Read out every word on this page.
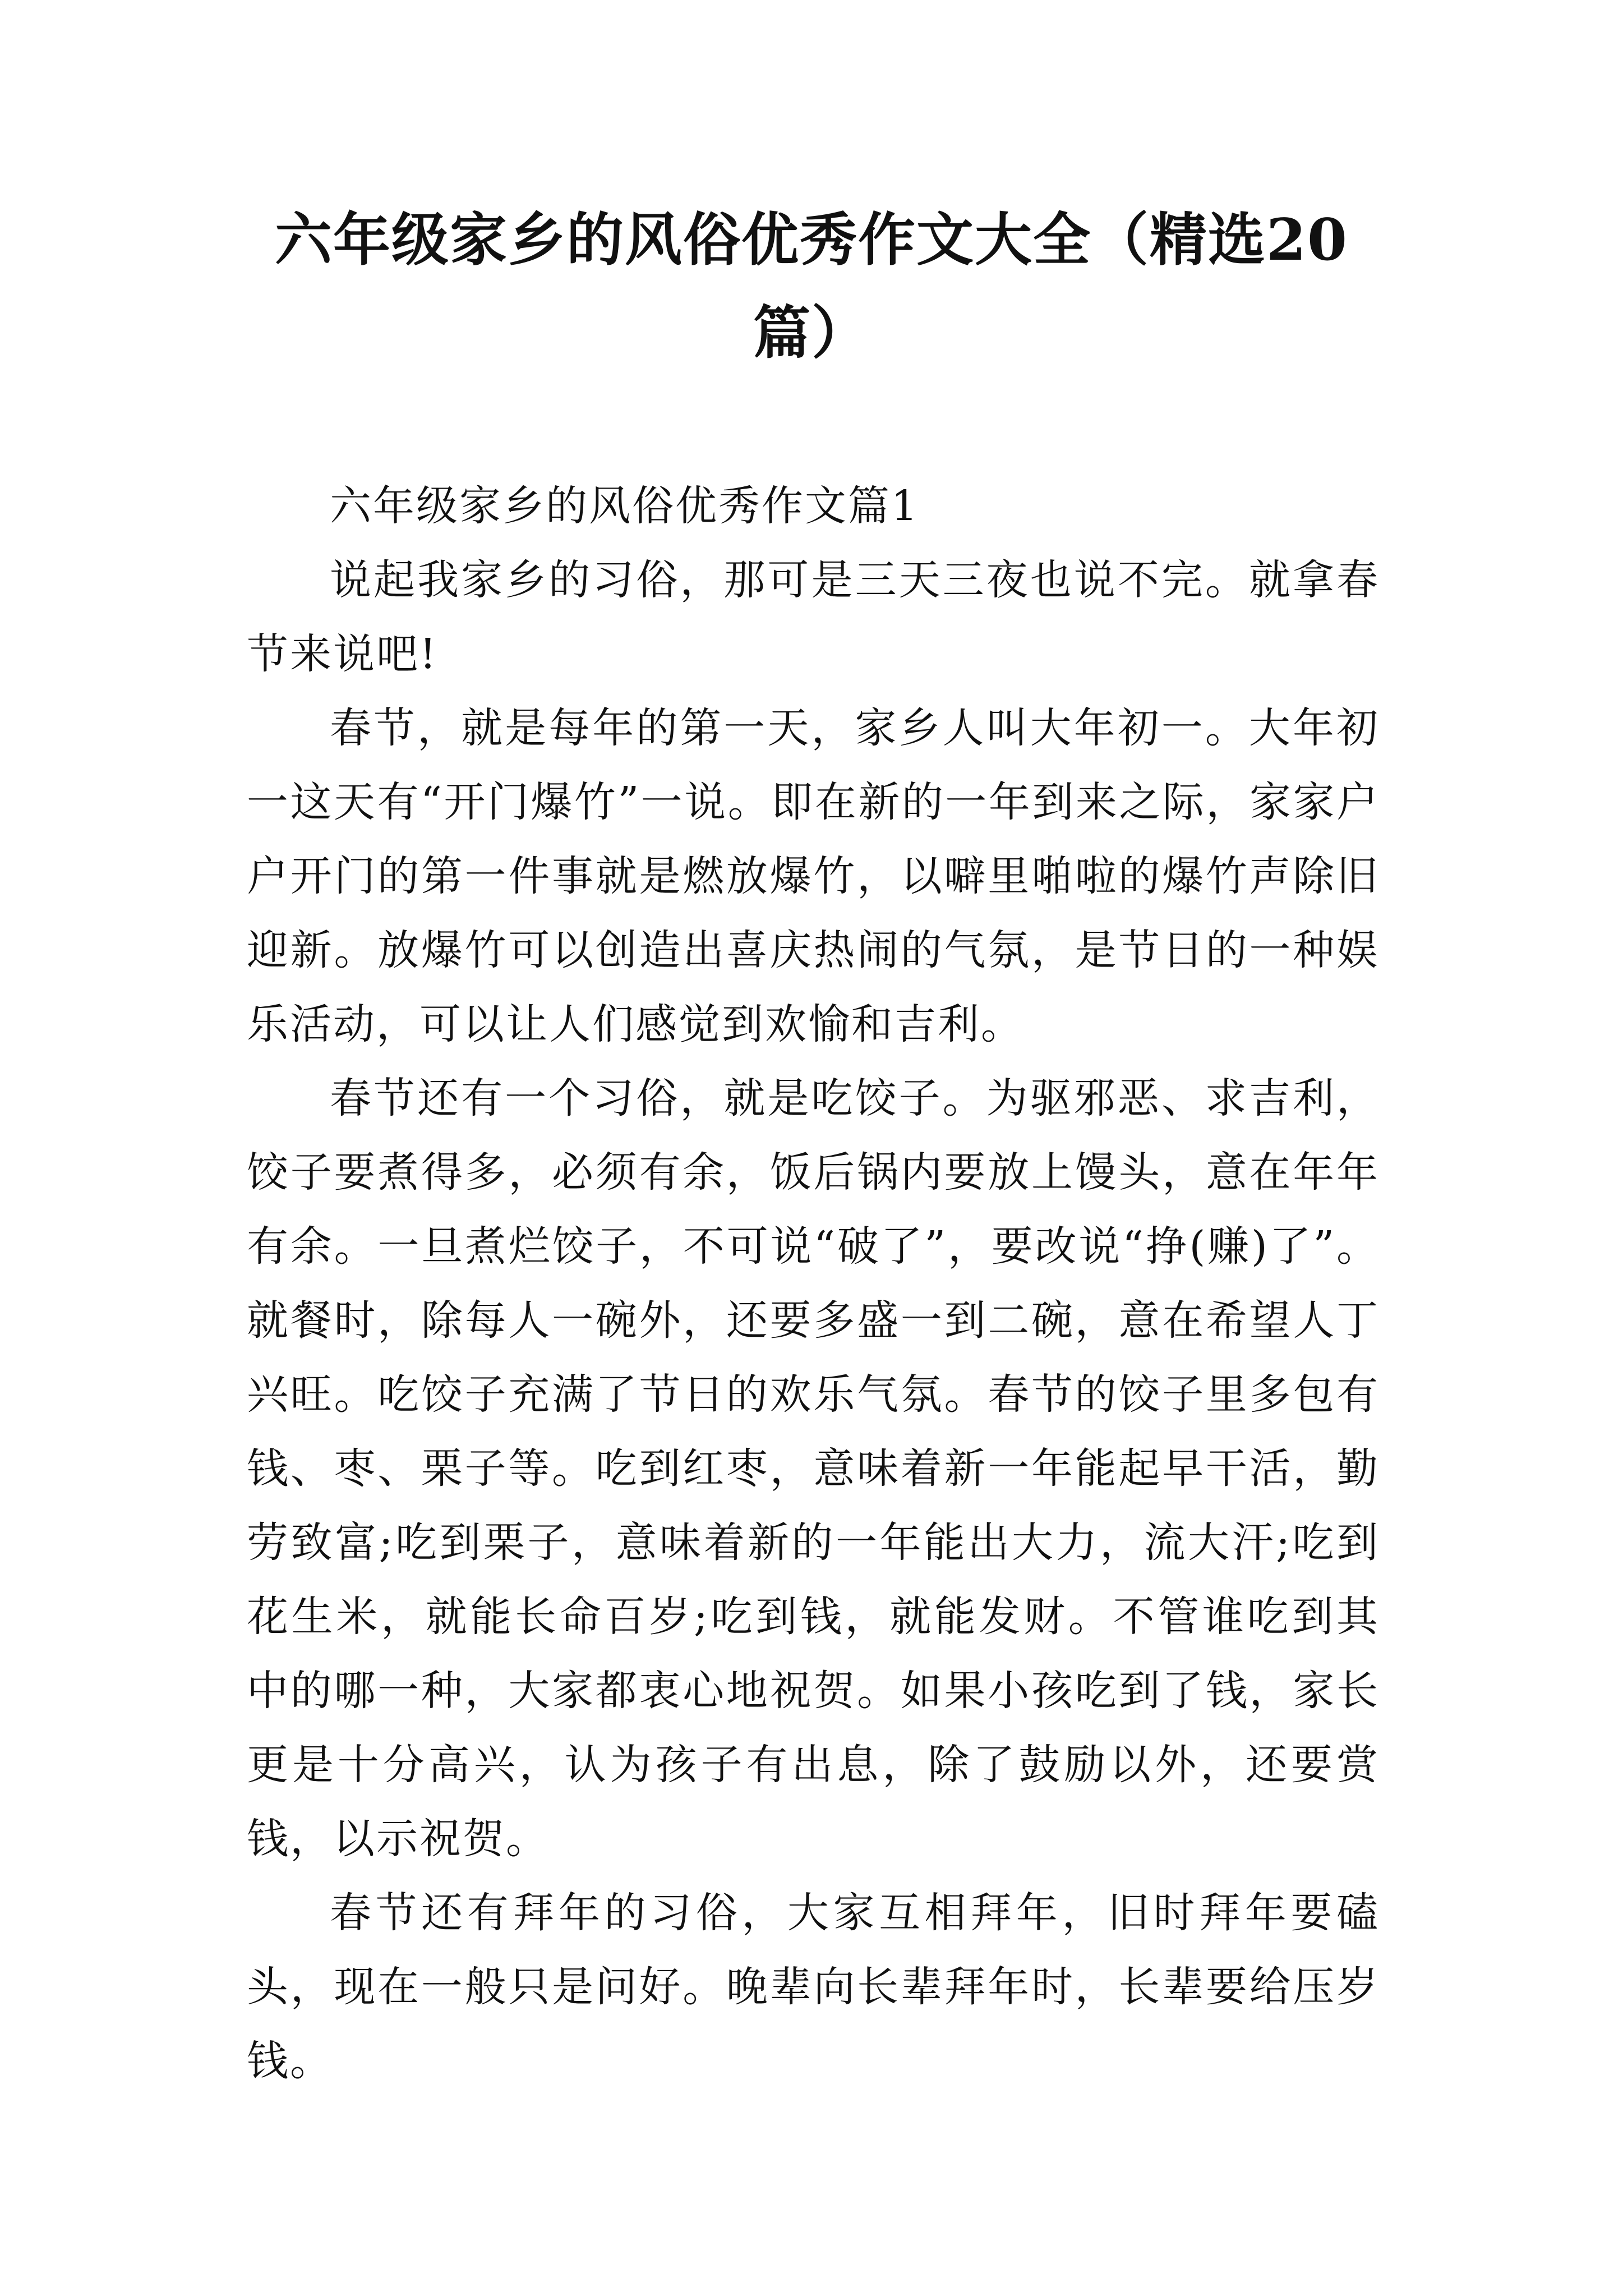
六年级家乡的风俗优秀作文大全（精选20篇）

六年级家乡的风俗优秀作文篇1

说起我家乡的习俗，那可是三天三夜也说不完。就拿春节来说吧!

春节，就是每年的第一天，家乡人叫大年初一。大年初一这天有“开门爆竹”一说。即在新的一年到来之际，家家户户开门的第一件事就是燃放爆竹，以噼里啪啦的爆竹声除旧迎新。放爆竹可以创造出喜庆热闹的气氛，是节日的一种娱乐活动，可以让人们感觉到欢愉和吉利。

春节还有一个习俗，就是吃饺子。为驱邪恶、求吉利，饺子要煮得多，必须有余，饭后锅内要放上馒头，意在年年有余。一旦煮烂饺子，不可说“破了”，要改说“挣(赚)了”。就餐时，除每人一碗外，还要多盛一到二碗，意在希望人丁兴旺。吃饺子充满了节日的欢乐气氛。春节的饺子里多包有钱、枣、栗子等。吃到红枣，意味着新一年能起早干活，勤劳致富;吃到栗子，意味着新的一年能出大力，流大汗;吃到花生米，就能长命百岁;吃到钱，就能发财。不管谁吃到其中的哪一种，大家都衷心地祝贺。如果小孩吃到了钱，家长更是十分高兴，认为孩子有出息，除了鼓励以外，还要赏钱，以示祝贺。

春节还有拜年的习俗，大家互相拜年，旧时拜年要磕头，现在一般只是问好。晚辈向长辈拜年时，长辈要给压岁钱。
